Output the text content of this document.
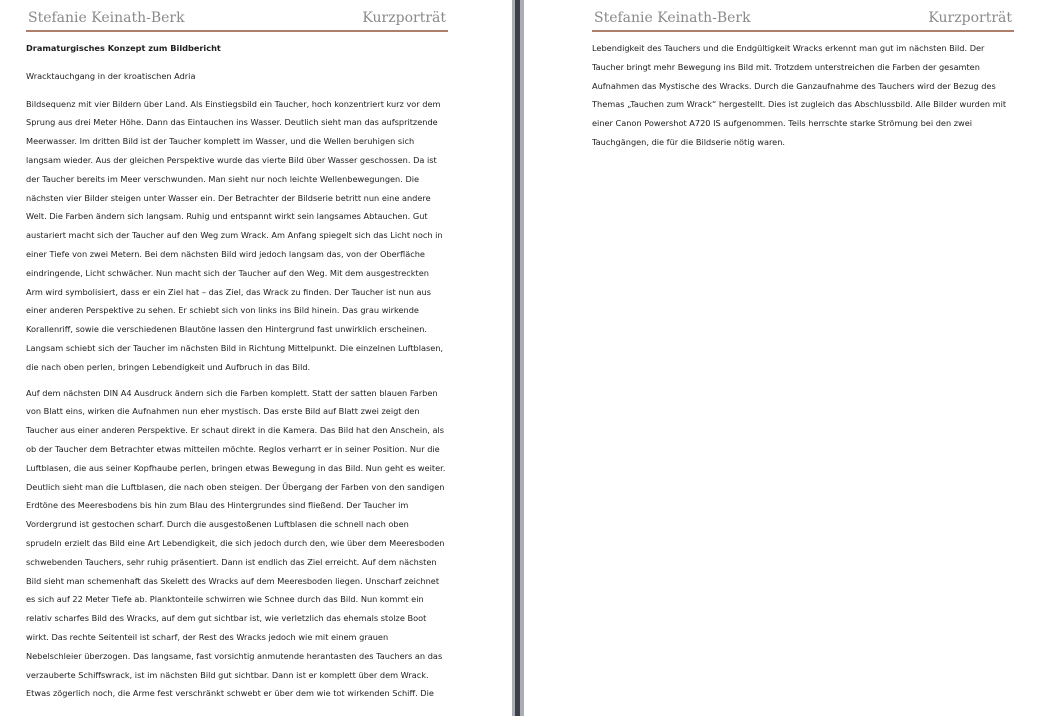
Stefanie Keinath-Berk	Kurzporträt
Dramaturgisches Konzept zum Bildbericht
Wracktauchgang in der kroatischen Adria
Bildsequenz mit vier Bildern über Land. Als Einstiegsbild ein Taucher, hoch konzentriert kurz vor dem Sprung aus drei Meter Höhe. Dann das Eintauchen ins Wasser. Deutlich sieht man das aufspritzende Meerwasser. Im dritten Bild ist der Taucher komplett im Wasser, und die Wellen beruhigen sich langsam wieder. Aus der gleichen Perspektive wurde das vierte Bild über Wasser geschossen. Da ist der Taucher bereits im Meer verschwunden. Man sieht nur noch leichte Wellenbewegungen. Die nächsten vier Bilder steigen unter Wasser ein. Der Betrachter der Bildserie betritt nun eine andere Welt. Die Farben ändern sich langsam. Ruhig und entspannt wirkt sein langsames Abtauchen. Gut austariert macht sich der Taucher auf den Weg zum Wrack. Am Anfang spiegelt sich das Licht noch in einer Tiefe von zwei Metern. Bei dem nächsten Bild wird jedoch langsam das, von der Oberfläche eindringende, Licht schwächer. Nun macht sich der Taucher auf den Weg. Mit dem ausgestreckten Arm wird symbolisiert, dass er ein Ziel hat – das Ziel, das Wrack zu finden. Der Taucher ist nun aus einer anderen Perspektive zu sehen. Er schiebt sich von links ins Bild hinein. Das grau wirkende Korallenriff, sowie die verschiedenen Blautöne lassen den Hintergrund fast unwirklich erscheinen. Langsam schiebt sich der Taucher im nächsten Bild in Richtung Mittelpunkt. Die einzelnen Luftblasen, die nach oben perlen, bringen Lebendigkeit und Aufbruch in das Bild.
Auf dem nächsten DIN A4 Ausdruck ändern sich die Farben komplett. Statt der satten blauen Farben von Blatt eins, wirken die Aufnahmen nun eher mystisch. Das erste Bild auf Blatt zwei zeigt den Taucher aus einer anderen Perspektive. Er schaut direkt in die Kamera. Das Bild hat den Anschein, als ob der Taucher dem Betrachter etwas mitteilen möchte. Reglos verharrt er in seiner Position. Nur die Luftblasen, die aus seiner Kopfhaube perlen, bringen etwas Bewegung in das Bild. Nun geht es weiter. Deutlich sieht man die Luftblasen, die nach oben steigen. Der Übergang der Farben von den sandigen Erdtöne des Meeresbodens bis hin zum Blau des Hintergrundes sind fließend. Der Taucher im Vordergrund ist gestochen scharf. Durch die ausgestoßenen Luftblasen die schnell nach oben sprudeln erzielt das Bild eine Art Lebendigkeit, die sich jedoch durch den, wie über dem Meeresboden schwebenden Tauchers, sehr ruhig präsentiert. Dann ist endlich das Ziel erreicht. Auf dem nächsten Bild sieht man schemenhaft das Skelett des Wracks auf dem Meeresboden liegen. Unscharf zeichnet es sich auf 22 Meter Tiefe ab. Planktonteile schwirren wie Schnee durch das Bild. Nun kommt ein relativ scharfes Bild des Wracks, auf dem gut sichtbar ist, wie verletzlich das ehemals stolze Boot wirkt. Das rechte Seitenteil ist scharf, der Rest des Wracks jedoch wie mit einem grauen Nebelschleier überzogen. Das langsame, fast vorsichtig anmutende herantasten des Tauchers an das verzauberte Schiffswrack, ist im nächsten Bild gut sichtbar. Dann ist er komplett über dem Wrack. Etwas zögerlich noch, die Arme fest verschränkt schwebt er über dem wie tot wirkenden Schiff. Die
Stefanie Keinath-Berk	Kurzporträt
Lebendigkeit des Tauchers und die Endgültigkeit Wracks erkennt man gut im nächsten Bild. Der Taucher bringt mehr Bewegung ins Bild mit. Trotzdem unterstreichen die Farben der gesamten Aufnahmen das Mystische des Wracks. Durch die Ganzaufnahme des Tauchers wird der Bezug des Themas „Tauchen zum Wrack“ hergestellt. Dies ist zugleich das Abschlussbild. Alle Bilder wurden mit einer Canon Powershot A720 IS aufgenommen. Teils herrschte starke Strömung bei den zwei Tauchgängen, die für die Bildserie nötig waren.
